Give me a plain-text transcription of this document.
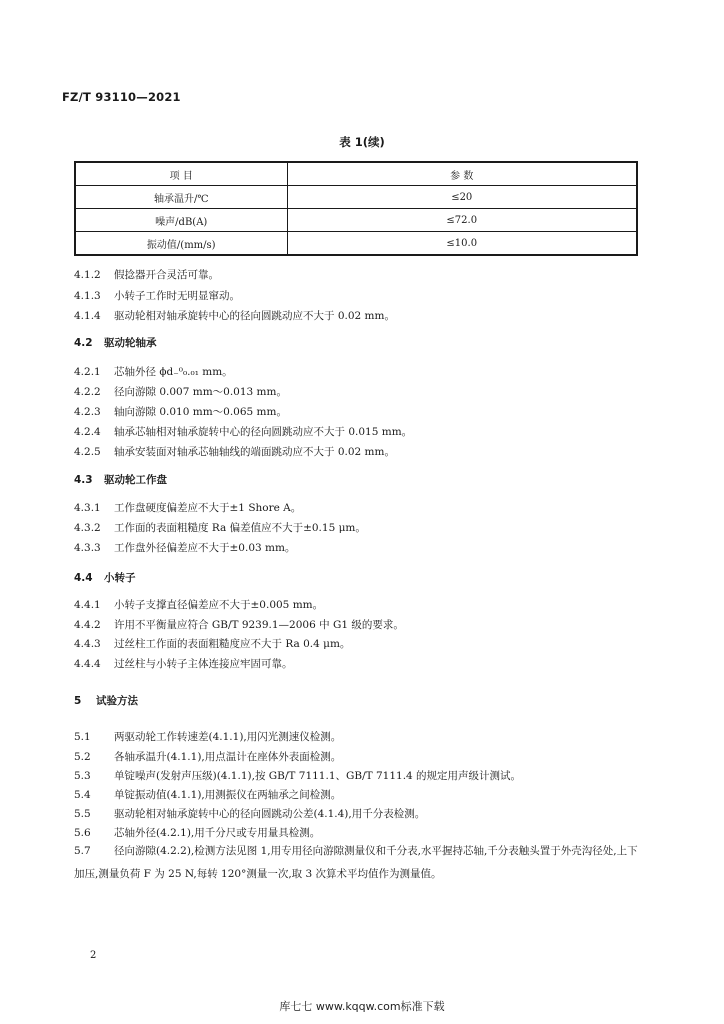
FZ/T 93110—2021
表 1(续)
项 目	参 数
轴承温升/℃	≤20
噪声/dB(A)	≤72.0
振动值/(mm/s)	≤10.0
4.1.2 假捻器开合灵活可靠。
4.1.3 小转子工作时无明显窜动。
4.1.4 驱动轮相对轴承旋转中心的径向圆跳动应不大于 0.02 mm。
4.2 驱动轮轴承
4.2.1 芯轴外径 ϕd₋⁰₀.₀₁ mm。
4.2.2 径向游隙 0.007 mm～0.013 mm。
4.2.3 轴向游隙 0.010 mm～0.065 mm。
4.2.4 轴承芯轴相对轴承旋转中心的径向圆跳动应不大于 0.015 mm。
4.2.5 轴承安装面对轴承芯轴轴线的端面跳动应不大于 0.02 mm。
4.3 驱动轮工作盘
4.3.1 工作盘硬度偏差应不大于±1 Shore A。
4.3.2 工作面的表面粗糙度 Ra 偏差值应不大于±0.15 μm。
4.3.3 工作盘外径偏差应不大于±0.03 mm。
4.4 小转子
4.4.1 小转子支撑直径偏差应不大于±0.005 mm。
4.4.2 许用不平衡量应符合 GB/T 9239.1—2006 中 G1 级的要求。
4.4.3 过丝柱工作面的表面粗糙度应不大于 Ra 0.4 μm。
4.4.4 过丝柱与小转子主体连接应牢固可靠。
5 试验方法
5.1 两驱动轮工作转速差(4.1.1),用闪光测速仪检测。
5.2 各轴承温升(4.1.1),用点温计在座体外表面检测。
5.3 单锭噪声(发射声压级)(4.1.1),按 GB/T 7111.1、GB/T 7111.4 的规定用声级计测试。
5.4 单锭振动值(4.1.1),用测振仪在两轴承之间检测。
5.5 驱动轮相对轴承旋转中心的径向圆跳动公差(4.1.4),用千分表检测。
5.6 芯轴外径(4.2.1),用千分尺或专用量具检测。
5.7 径向游隙(4.2.2),检测方法见图 1,用专用径向游隙测量仪和千分表,水平握持芯轴,千分表触头置于外壳沟径处,上下加压,测量负荷 F 为 25 N,每转 120°测量一次,取 3 次算术平均值作为测量值。
2
库七七 www.kqqw.com标准下载
